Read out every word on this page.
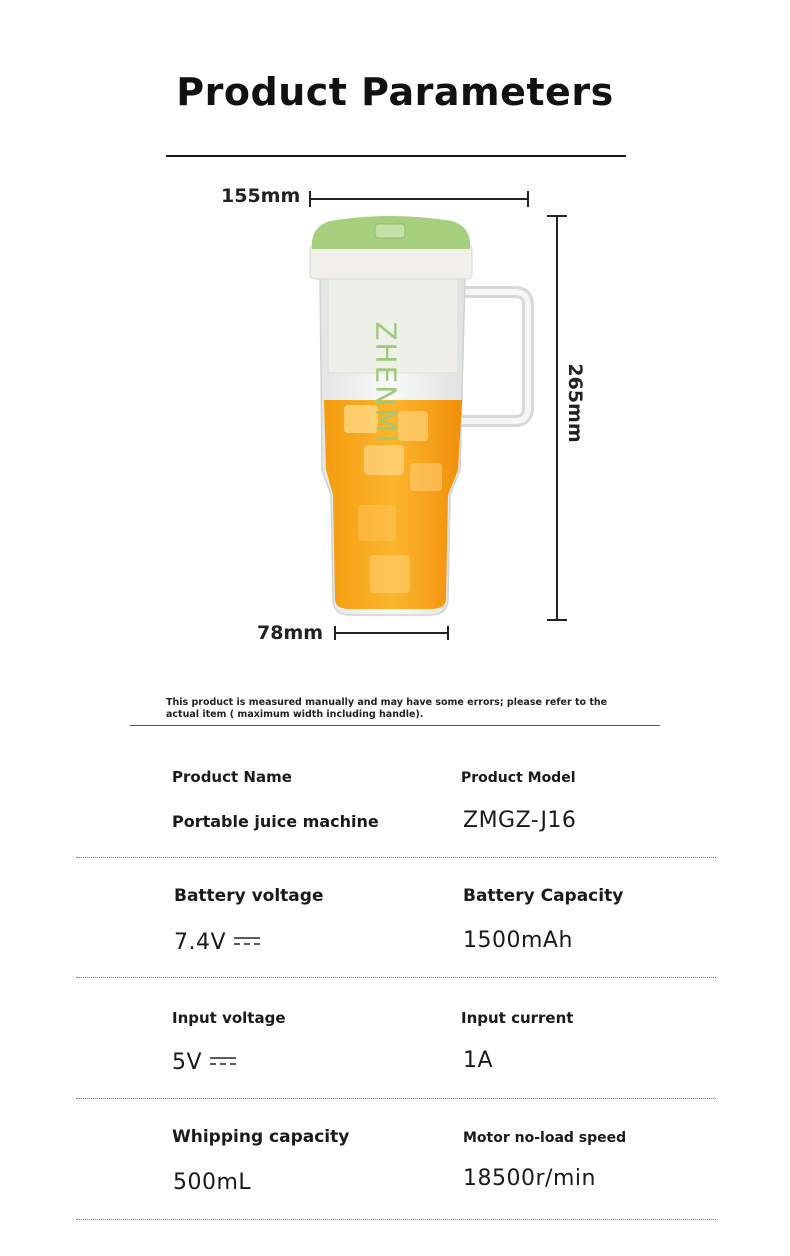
Product Parameters
155mm
265mm
78mm
ZHENMI
This product is measured manually and may have some errors; please refer to the actual item ( maximum width including handle).
Product Name
Portable juice machine
Product Model
ZMGZ-J16
Battery voltage
7.4V
Battery Capacity
1500mAh
Input voltage
5V
Input current
1A
Whipping capacity
500mL
Motor no-load speed
18500r/min
